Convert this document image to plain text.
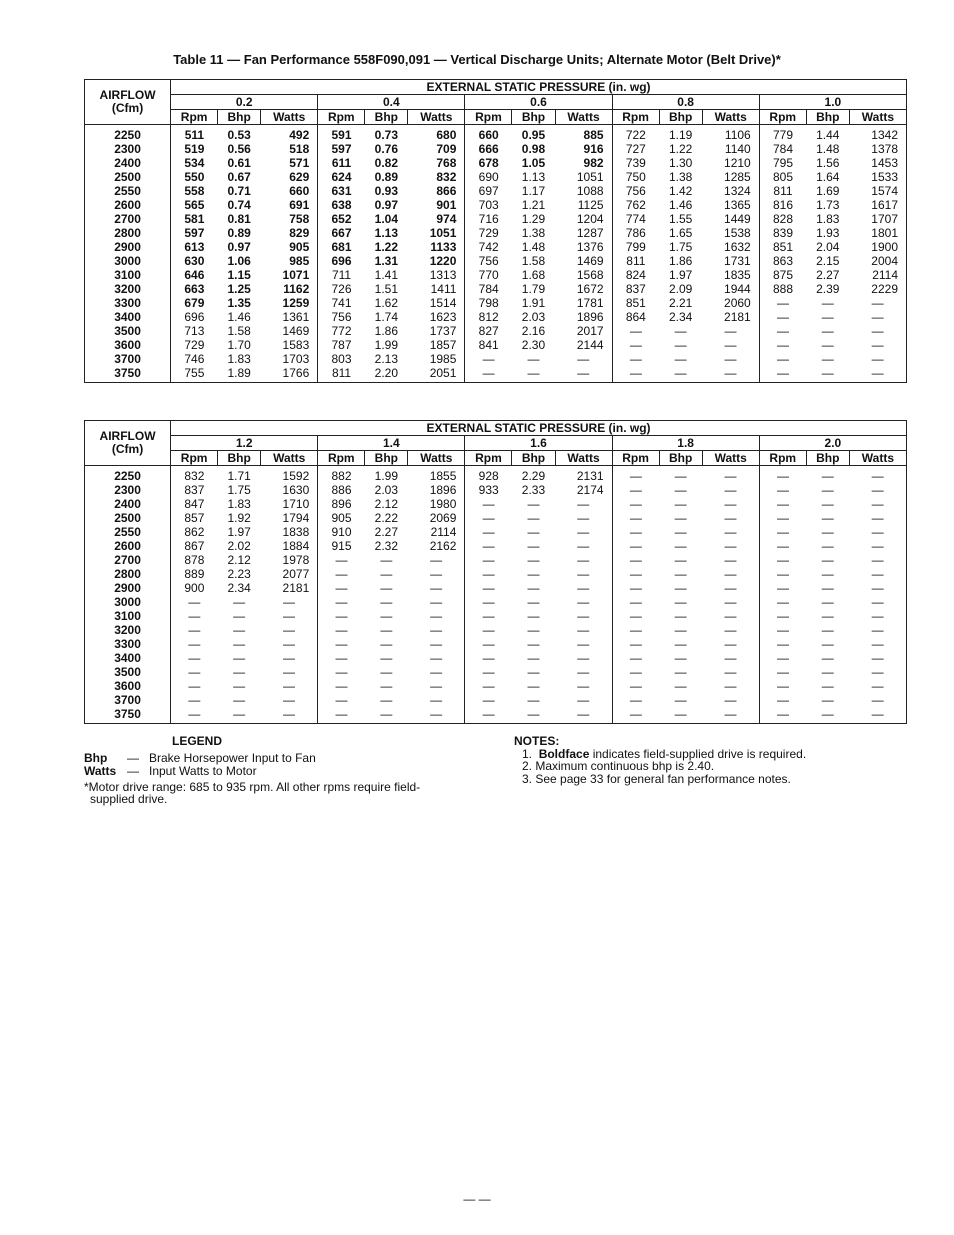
Table 11 — Fan Performance 558F090,091 — Vertical Discharge Units; Alternate Motor (Belt Drive)*
AIRFLOW
(Cfm)	EXTERNAL STATIC PRESSURE (in. wg)														
	0.2			0.4			0.6			0.8			1.0		
	Rpm	Bhp	Watts	Rpm	Bhp	Watts	Rpm	Bhp	Watts	Rpm	Bhp	Watts	Rpm	Bhp	Watts
2250	511	0.53	492	591	0.73	680	660	0.95	885	722	1.19	1106	779	1.44	1342
2300	519	0.56	518	597	0.76	709	666	0.98	916	727	1.22	1140	784	1.48	1378
2400	534	0.61	571	611	0.82	768	678	1.05	982	739	1.30	1210	795	1.56	1453
2500	550	0.67	629	624	0.89	832	690	1.13	1051	750	1.38	1285	805	1.64	1533
2550	558	0.71	660	631	0.93	866	697	1.17	1088	756	1.42	1324	811	1.69	1574
2600	565	0.74	691	638	0.97	901	703	1.21	1125	762	1.46	1365	816	1.73	1617
2700	581	0.81	758	652	1.04	974	716	1.29	1204	774	1.55	1449	828	1.83	1707
2800	597	0.89	829	667	1.13	1051	729	1.38	1287	786	1.65	1538	839	1.93	1801
2900	613	0.97	905	681	1.22	1133	742	1.48	1376	799	1.75	1632	851	2.04	1900
3000	630	1.06	985	696	1.31	1220	756	1.58	1469	811	1.86	1731	863	2.15	2004
3100	646	1.15	1071	711	1.41	1313	770	1.68	1568	824	1.97	1835	875	2.27	2114
3200	663	1.25	1162	726	1.51	1411	784	1.79	1672	837	2.09	1944	888	2.39	2229
3300	679	1.35	1259	741	1.62	1514	798	1.91	1781	851	2.21	2060	—	—	—
3400	696	1.46	1361	756	1.74	1623	812	2.03	1896	864	2.34	2181	—	—	—
3500	713	1.58	1469	772	1.86	1737	827	2.16	2017	—	—	—	—	—	—
3600	729	1.70	1583	787	1.99	1857	841	2.30	2144	—	—	—	—	—	—
3700	746	1.83	1703	803	2.13	1985	—	—	—	—	—	—	—	—	—
3750	755	1.89	1766	811	2.20	2051	—	—	—	—	—	—	—	—	—
AIRFLOW
(Cfm)	EXTERNAL STATIC PRESSURE (in. wg)														
	1.2			1.4			1.6			1.8			2.0		
	Rpm	Bhp	Watts	Rpm	Bhp	Watts	Rpm	Bhp	Watts	Rpm	Bhp	Watts	Rpm	Bhp	Watts
2250	832	1.71	1592	882	1.99	1855	928	2.29	2131	—	—	—	—	—	—
2300	837	1.75	1630	886	2.03	1896	933	2.33	2174	—	—	—	—	—	—
2400	847	1.83	1710	896	2.12	1980	—	—	—	—	—	—	—	—	—
2500	857	1.92	1794	905	2.22	2069	—	—	—	—	—	—	—	—	—
2550	862	1.97	1838	910	2.27	2114	—	—	—	—	—	—	—	—	—
2600	867	2.02	1884	915	2.32	2162	—	—	—	—	—	—	—	—	—
2700	878	2.12	1978	—	—	—	—	—	—	—	—	—	—	—	—
2800	889	2.23	2077	—	—	—	—	—	—	—	—	—	—	—	—
2900	900	2.34	2181	—	—	—	—	—	—	—	—	—	—	—	—
3000	—	—	—	—	—	—	—	—	—	—	—	—	—	—	—
3100	—	—	—	—	—	—	—	—	—	—	—	—	—	—	—
3200	—	—	—	—	—	—	—	—	—	—	—	—	—	—	—
3300	—	—	—	—	—	—	—	—	—	—	—	—	—	—	—
3400	—	—	—	—	—	—	—	—	—	—	—	—	—	—	—
3500	—	—	—	—	—	—	—	—	—	—	—	—	—	—	—
3600	—	—	—	—	—	—	—	—	—	—	—	—	—	—	—
3700	—	—	—	—	—	—	—	—	—	—	—	—	—	—	—
3750	—	—	—	—	—	—	—	—	—	—	—	—	—	—	—
LEGEND
Bhp — Brake Horsepower Input to Fan
Watts — Input Watts to Motor
*Motor drive range: 685 to 935 rpm. All other rpms require field-
supplied drive.
NOTES:
1. Boldface indicates field-supplied drive is required.
2. Maximum continuous bhp is 2.40.
3. See page 33 for general fan performance notes.
— —
